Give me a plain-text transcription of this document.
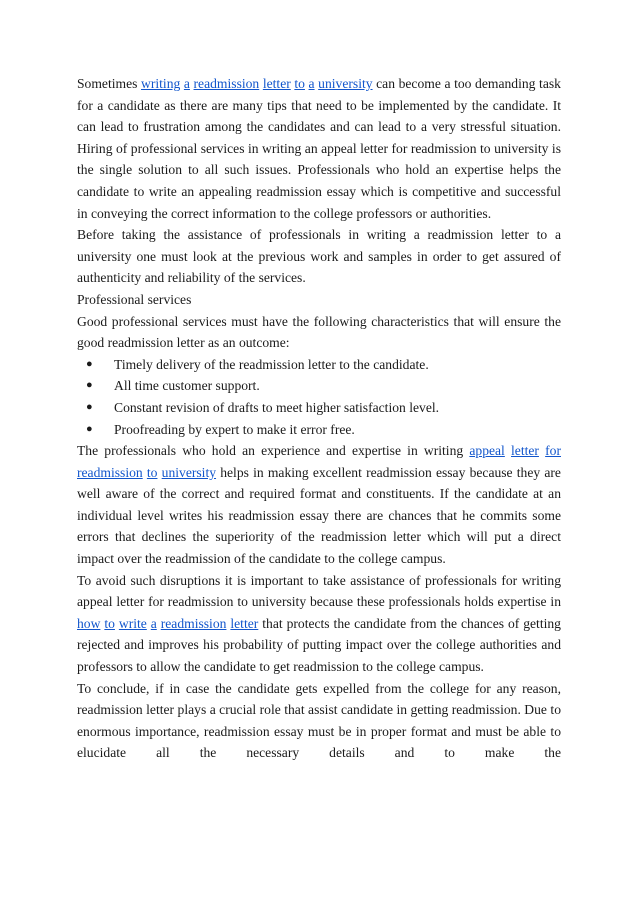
Sometimes writing a readmission letter to a university can become a too demanding task for a candidate as there are many tips that need to be implemented by the candidate. It can lead to frustration among the candidates and can lead to a very stressful situation. Hiring of professional services in writing an appeal letter for readmission to university is the single solution to all such issues. Professionals who hold an expertise helps the candidate to write an appealing readmission essay which is competitive and successful in conveying the correct information to the college professors or authorities.

Before taking the assistance of professionals in writing a readmission letter to a university one must look at the previous work and samples in order to get assured of authenticity and reliability of the services.

Professional services

Good professional services must have the following characteristics that will ensure the good readmission letter as an outcome:

● Timely delivery of the readmission letter to the candidate.
● All time customer support.
● Constant revision of drafts to meet higher satisfaction level.
● Proofreading by expert to make it error free.

The professionals who hold an experience and expertise in writing appeal letter for readmission to university helps in making excellent readmission essay because they are well aware of the correct and required format and constituents. If the candidate at an individual level writes his readmission essay there are chances that he commits some errors that declines the superiority of the readmission letter which will put a direct impact over the readmission of the candidate to the college campus.

To avoid such disruptions it is important to take assistance of professionals for writing appeal letter for readmission to university because these professionals holds expertise in how to write a readmission letter that protects the candidate from the chances of getting rejected and improves his probability of putting impact over the college authorities and professors to allow the candidate to get readmission to the college campus.

To conclude, if in case the candidate gets expelled from the college for any reason, readmission letter plays a crucial role that assist candidate in getting readmission. Due to enormous importance, readmission essay must be in proper format and must be able to elucidate all the necessary details and to make the
